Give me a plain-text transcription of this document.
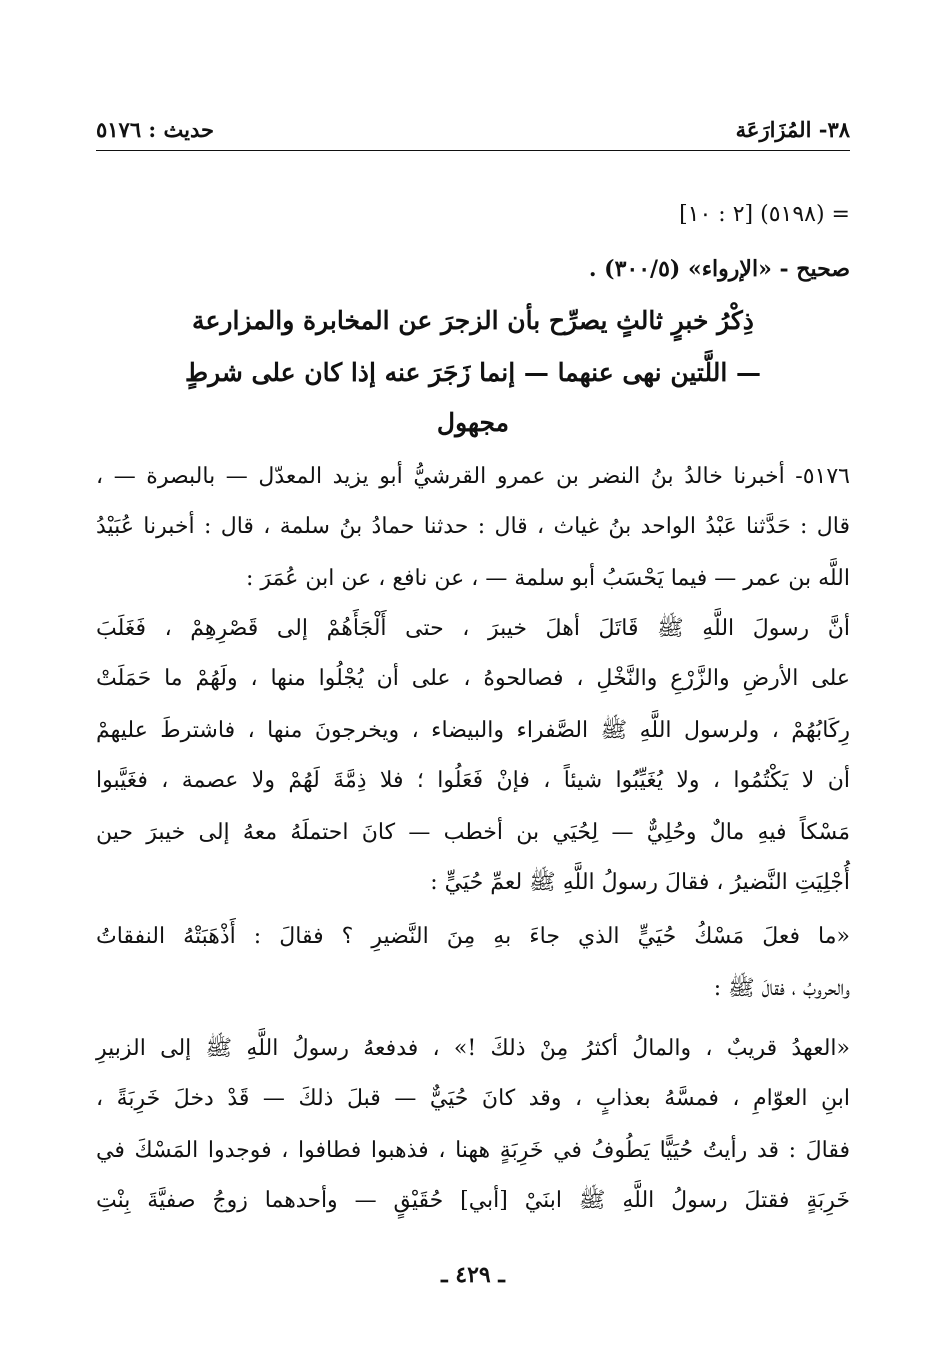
٣٨- المُزَارَعَة
حديث : ٥١٧٦
= (٥١٩٨) [٢ : ١٠]
صحيح - «الإرواء» (٣٠٠/٥) .
ذِكْرُ خبرٍ ثالثٍ يصرِّح بأن الزجرَ عن المخابرة والمزارعة
— اللَّتين نهى عنهما — إنما زَجَرَ عنه إذا كان على شرطٍ
مجهول
٥١٧٦- أخبرنا خالدُ بنُ النضر بن عمرو القرشيُّ أبو يزيد المعدّل — بالبصرة — ،
قال : حَدَّثنا عَبْدُ الواحد بنُ غياث ، قال : حدثنا حمادُ بنُ سلمة ، قال : أخبرنا عُبَيْدُ
اللَّه بن عمر — فيما يَحْسَبُ أبو سلمة — ، عن نافع ، عن ابن عُمَرَ :
أنَّ رسولَ اللَّهِ ﷺ قَاتَلَ أهلَ خيبرَ ، حتى أَلْجَأَهُمْ إلى قَصْرِهِمْ ، فَغَلَبَ
على الأرضِ والزَّرْعِ والنَّخْلِ ، فصالحوهُ ، على أن يُجْلُوا منها ، ولَهُمْ ما حَمَلَتْ
رِكَابُهُمْ ، ولرسول اللَّهِ ﷺ الصَّفراء والبيضاء ، ويخرجونَ منها ، فاشترطَ عليهمْ
أن لا يَكْتُمُوا ، ولا يُغَيِّبُوا شيئاً ، فإنْ فَعَلُوا ؛ فلا ذِمَّةَ لَهُمْ ولا عصمة ، فغَيَّبوا
مَسْكاً فيهِ مالٌ وحُلِيٌّ — لِحُيَي بن أخطب — كانَ احتملَهُ معهُ إلى خيبرَ حين
أُجْلِيَتِ النَّضيرُ ، فقالَ رسولُ اللَّهِ ﷺ لعمِّ حُيَيٍّ :
«ما فعلَ مَسْكُ حُيَيٍّ الذي جاءَ بهِ مِنَ النَّضيرِ ؟ فقالَ : أَذْهَبَتْهُ النفقاتُ
والحروبُ ، فقالَ ﷺ :
«العهدُ قريبٌ ، والمالُ أكثرُ مِنْ ذلكَ !» ، فدفعهُ رسولُ اللَّهِ ﷺ إلى الزبيرِ
ابنِ العوّامِ ، فمسَّهُ بعذابٍ ، وقد كانَ حُيَيٌّ — قبلَ ذلكَ — قَدْ دخلَ خَرِبَةً ،
فقالَ : قد رأيتُ حُيَيًّا يَطُوفُ في خَرِبَةٍ ههنا ، فذهبوا فطافوا ، فوجدوا المَسْكَ في
خَرِبَةٍ فقتلَ رسولُ اللَّهِ ﷺ ابنَيْ [أبي] حُقَيْقٍ — وأحدهما زوجُ صفيَّةَ بِنْتِ
ـ ٤٢٩ ـ
